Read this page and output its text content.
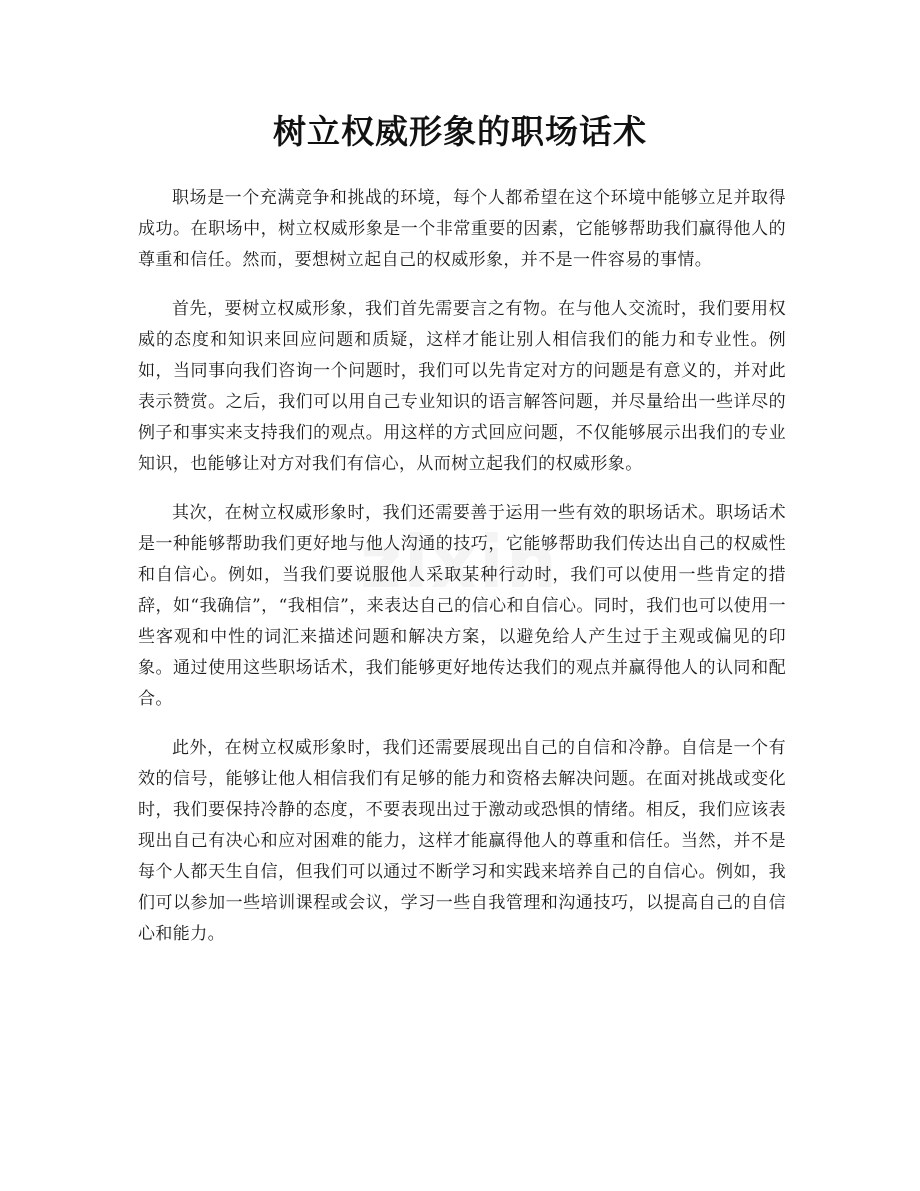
树立权威形象的职场话术

职场是一个充满竞争和挑战的环境，每个人都希望在这个环境中能够立足并取得成功。在职场中，树立权威形象是一个非常重要的因素，它能够帮助我们赢得他人的尊重和信任。然而，要想树立起自己的权威形象，并不是一件容易的事情。

首先，要树立权威形象，我们首先需要言之有物。在与他人交流时，我们要用权威的态度和知识来回应问题和质疑，这样才能让别人相信我们的能力和专业性。例如，当同事向我们咨询一个问题时，我们可以先肯定对方的问题是有意义的，并对此表示赞赏。之后，我们可以用自己专业知识的语言解答问题，并尽量给出一些详尽的例子和事实来支持我们的观点。用这样的方式回应问题，不仅能够展示出我们的专业知识，也能够让对方对我们有信心，从而树立起我们的权威形象。

其次，在树立权威形象时，我们还需要善于运用一些有效的职场话术。职场话术是一种能够帮助我们更好地与他人沟通的技巧，它能够帮助我们传达出自己的权威性和自信心。例如，当我们要说服他人采取某种行动时，我们可以使用一些肯定的措辞，如“我确信”，“我相信”，来表达自己的信心和自信心。同时，我们也可以使用一些客观和中性的词汇来描述问题和解决方案，以避免给人产生过于主观或偏见的印象。通过使用这些职场话术，我们能够更好地传达我们的观点并赢得他人的认同和配合。

此外，在树立权威形象时，我们还需要展现出自己的自信和冷静。自信是一个有效的信号，能够让他人相信我们有足够的能力和资格去解决问题。在面对挑战或变化时，我们要保持冷静的态度，不要表现出过于激动或恐惧的情绪。相反，我们应该表现出自己有决心和应对困难的能力，这样才能赢得他人的尊重和信任。当然，并不是每个人都天生自信，但我们可以通过不断学习和实践来培养自己的自信心。例如，我们可以参加一些培训课程或会议，学习一些自我管理和沟通技巧，以提高自己的自信心和能力。
